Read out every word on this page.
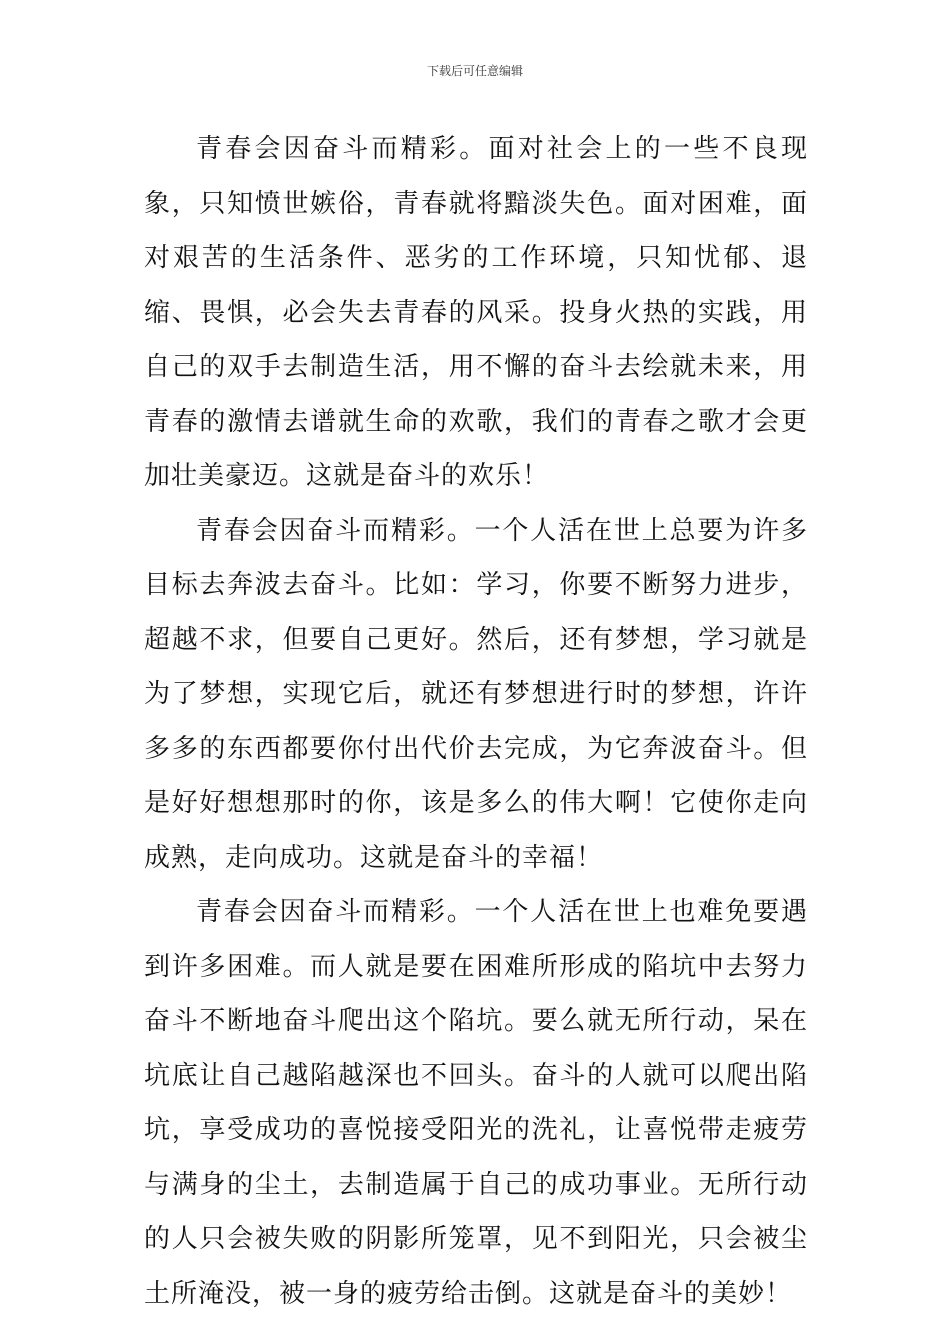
下载后可任意编辑

青春会因奋斗而精彩。面对社会上的一些不良现象，只知愤世嫉俗，青春就将黯淡失色。面对困难，面对艰苦的生活条件、恶劣的工作环境，只知忧郁、退缩、畏惧，必会失去青春的风采。投身火热的实践，用自己的双手去制造生活，用不懈的奋斗去绘就未来，用青春的激情去谱就生命的欢歌，我们的青春之歌才会更加壮美豪迈。这就是奋斗的欢乐！

青春会因奋斗而精彩。一个人活在世上总要为许多目标去奔波去奋斗。比如：学习，你要不断努力进步，超越不求，但要自己更好。然后，还有梦想，学习就是为了梦想，实现它后，就还有梦想进行时的梦想，许许多多的东西都要你付出代价去完成，为它奔波奋斗。但是好好想想那时的你，该是多么的伟大啊！它使你走向成熟，走向成功。这就是奋斗的幸福！

青春会因奋斗而精彩。一个人活在世上也难免要遇到许多困难。而人就是要在困难所形成的陷坑中去努力奋斗不断地奋斗爬出这个陷坑。要么就无所行动，呆在坑底让自己越陷越深也不回头。奋斗的人就可以爬出陷坑，享受成功的喜悦接受阳光的洗礼，让喜悦带走疲劳与满身的尘土，去制造属于自己的成功事业。无所行动的人只会被失败的阴影所笼罩，见不到阳光，只会被尘土所淹没，被一身的疲劳给击倒。这就是奋斗的美妙！
